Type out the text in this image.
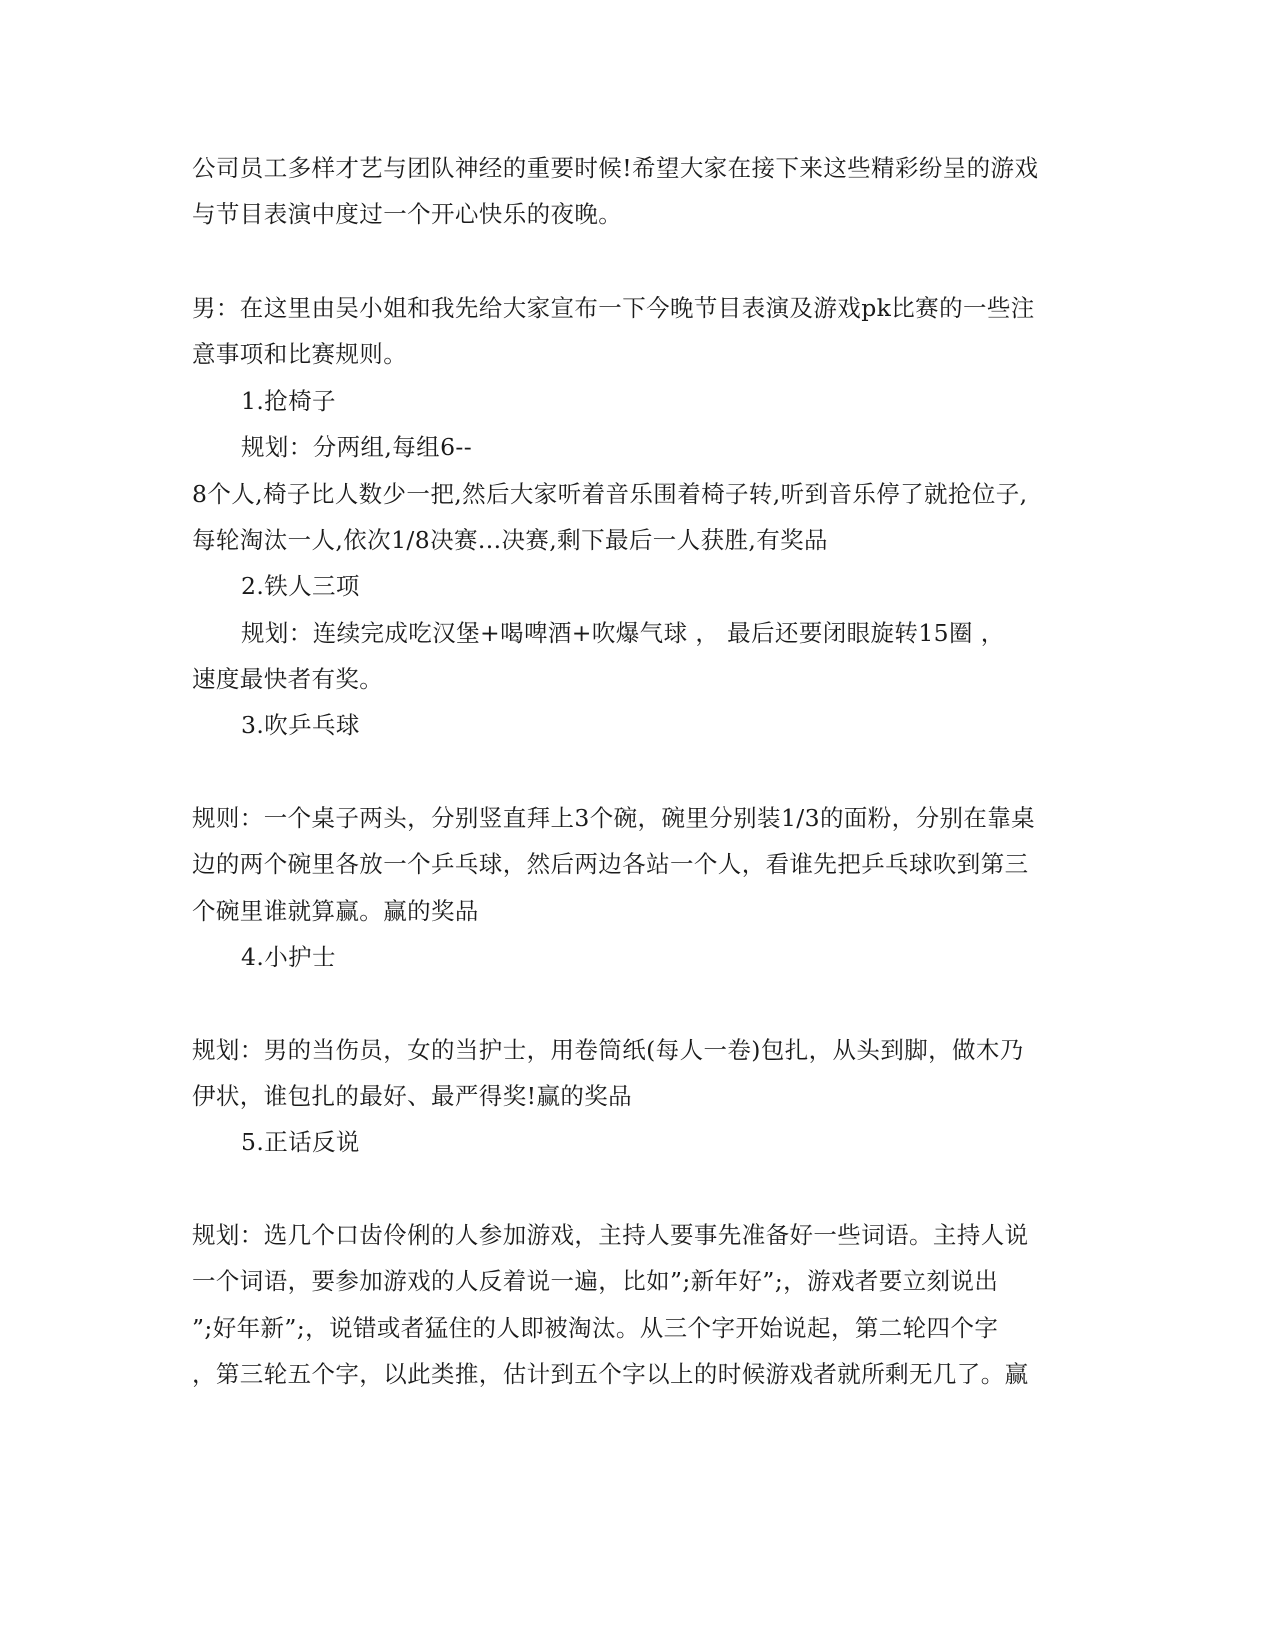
公司员工多样才艺与团队神经的重要时候!希望大家在接下来这些精彩纷呈的游戏
与节目表演中度过一个开心快乐的夜晚。
男：在这里由吴小姐和我先给大家宣布一下今晚节目表演及游戏pk比赛的一些注
意事项和比赛规则。
1.抢椅子
规划：分两组,每组6--
8个人,椅子比人数少一把,然后大家听着音乐围着椅子转,听到音乐停了就抢位子,
每轮淘汰一人,依次1/8决赛...决赛,剩下最后一人获胜,有奖品
2.铁人三项
规划：连续完成吃汉堡+喝啤酒+吹爆气球 ， 最后还要闭眼旋转15圈 ，
速度最快者有奖。
3.吹乒乓球
规则：一个桌子两头，分别竖直拜上3个碗，碗里分别装1/3的面粉，分别在靠桌
边的两个碗里各放一个乒乓球，然后两边各站一个人，看谁先把乒乓球吹到第三
个碗里谁就算赢。赢的奖品
4.小护士
规划：男的当伤员，女的当护士，用卷筒纸(每人一卷)包扎，从头到脚，做木乃
伊状，谁包扎的最好、最严得奖!赢的奖品
5.正话反说
规划：选几个口齿伶俐的人参加游戏，主持人要事先准备好一些词语。主持人说
一个词语，要参加游戏的人反着说一遍，比如”;新年好”;，游戏者要立刻说出
”;好年新”;，说错或者猛住的人即被淘汰。从三个字开始说起，第二轮四个字
，第三轮五个字，以此类推，估计到五个字以上的时候游戏者就所剩无几了。赢
